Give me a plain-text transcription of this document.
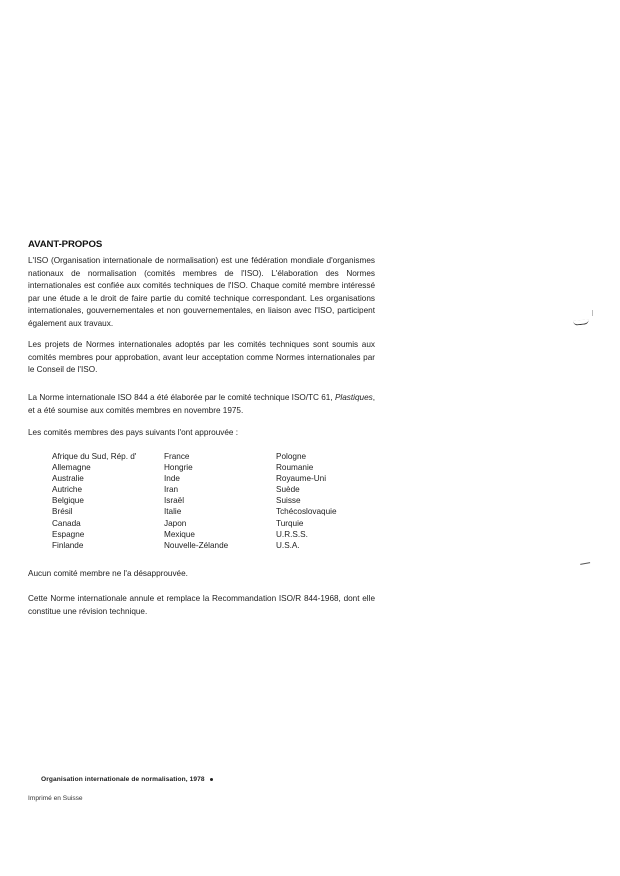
AVANT-PROPOS
L'ISO (Organisation internationale de normalisation) est une fédération mondiale d'organismes nationaux de normalisation (comités membres de l'ISO). L'élaboration des Normes internationales est confiée aux comités techniques de l'ISO. Chaque comité membre intéressé par une étude a le droit de faire partie du comité technique correspondant. Les organisations internationales, gouvernementales et non gouvernementales, en liaison avec l'ISO, participent également aux travaux.
Les projets de Normes internationales adoptés par les comités techniques sont soumis aux comités membres pour approbation, avant leur acceptation comme Normes internationales par le Conseil de l'ISO.
La Norme internationale ISO 844 a été élaborée par le comité technique ISO/TC 61, Plastiques, et a été soumise aux comités membres en novembre 1975.
Les comités membres des pays suivants l'ont approuvée :
Afrique du Sud, Rép. d'
Allemagne
Australie
Autriche
Belgique
Brésil
Canada
Espagne
Finlande
France
Hongrie
Inde
Iran
Israël
Italie
Japon
Mexique
Nouvelle-Zélande
Pologne
Roumanie
Royaume-Uni
Suède
Suisse
Tchécoslovaquie
Turquie
U.R.S.S.
U.S.A.
Aucun comité membre ne l'a désapprouvée.
Cette Norme internationale annule et remplace la Recommandation ISO/R 844-1968, dont elle constitue une révision technique.
Organisation internationale de normalisation, 1978
Imprimé en Suisse
